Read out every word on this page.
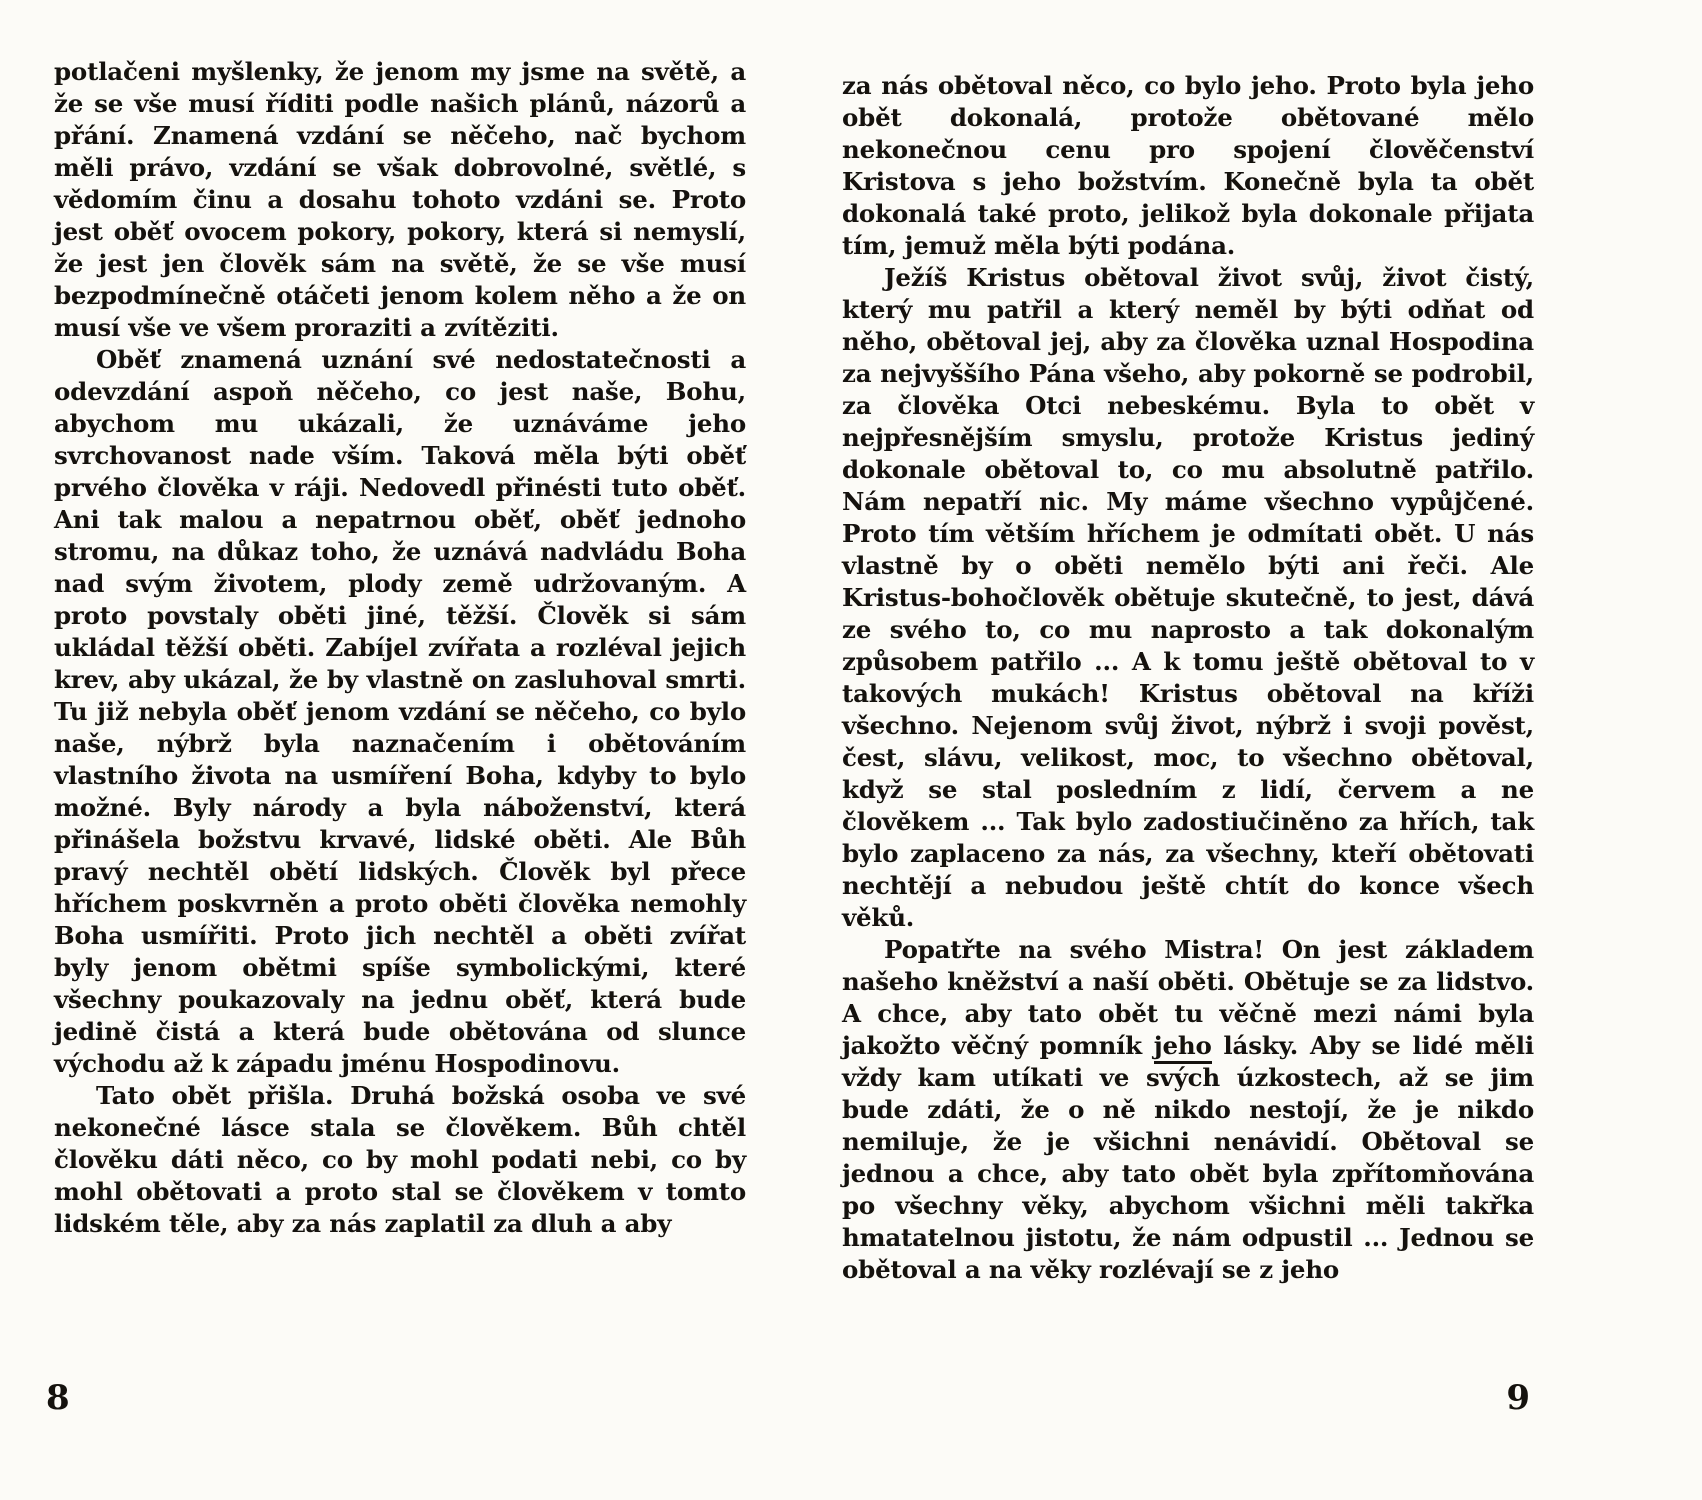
potlačeni myšlenky, že jenom my jsme na světě, a že se vše musí říditi podle našich plánů, názorů a přání. Znamená vzdání se něčeho, nač bychom měli právo, vzdání se však dobrovolné, světlé, s vědomím činu a dosahu tohoto vzdáni se. Proto jest oběť ovocem pokory, pokory, která si nemyslí, že jest jen člověk sám na světě, že se vše musí bezpodmínečně otáčeti jenom kolem něho a že on musí vše ve všem proraziti a zvítěziti.

Oběť znamená uznání své nedostatečnosti a odevzdání aspoň něčeho, co jest naše, Bohu, abychom mu ukázali, že uznáváme jeho svrchovanost nade vším. Taková měla býti oběť prvého člověka v ráji. Nedovedl přinésti tuto oběť. Ani tak malou a nepatrnou oběť, oběť jednoho stromu, na důkaz toho, že uznává nadvládu Boha nad svým životem, plody země udržovaným. A proto povstaly oběti jiné, těžší. Člověk si sám ukládal těžší oběti. Zabíjel zvířata a rozléval jejich krev, aby ukázal, že by vlastně on zasluhoval smrti. Tu již nebyla oběť jenom vzdání se něčeho, co bylo naše, nýbrž byla naznačením i obětováním vlastního života na usmíření Boha, kdyby to bylo možné. Byly národy a byla náboženství, která přinášela božstvu krvavé, lidské oběti. Ale Bůh pravý nechtěl obětí lidských. Člověk byl přece hříchem poskvrněn a proto oběti člověka nemohly Boha usmířiti. Proto jich nechtěl a oběti zvířat byly jenom obětmi spíše symbolickými, které všechny poukazovaly na jednu oběť, která bude jedině čistá a která bude obětována od slunce východu až k západu jménu Hospodinovu.

Tato obět přišla. Druhá božská osoba ve své nekonečné lásce stala se člověkem. Bůh chtěl člověku dáti něco, co by mohl podati nebi, co by mohl obětovati a proto stal se člověkem v tomto lidském těle, aby za nás zaplatil za dluh a aby

8

za nás obětoval něco, co bylo jeho. Proto byla jeho obět dokonalá, protože obětované mělo nekonečnou cenu pro spojení člověčenství Kristova s jeho božstvím. Konečně byla ta obět dokonalá také proto, jelikož byla dokonale přijata tím, jemuž měla býti podána.

Ježíš Kristus obětoval život svůj, život čistý, který mu patřil a který neměl by býti odňat od něho, obětoval jej, aby za člověka uznal Hospodina za nejvyššího Pána všeho, aby pokorně se podrobil, za člověka Otci nebeskému. Byla to obět v nejpřesnějším smyslu, protože Kristus jediný dokonale obětoval to, co mu absolutně patřilo. Nám nepatří nic. My máme všechno vypůjčené. Proto tím větším hříchem je odmítati obět. U nás vlastně by o oběti nemělo býti ani řeči. Ale Kristus-bohočlověk obětuje skutečně, to jest, dává ze svého to, co mu naprosto a tak dokonalým způsobem patřilo ... A k tomu ještě obětoval to v takových mukách! Kristus obětoval na kříži všechno. Nejenom svůj život, nýbrž i svoji pověst, čest, slávu, velikost, moc, to všechno obětoval, když se stal posledním z lidí, červem a ne člověkem ... Tak bylo zadostiučiněno za hřích, tak bylo zaplaceno za nás, za všechny, kteří obětovati nechtějí a nebudou ještě chtít do konce všech věků.

Popatřte na svého Mistra! On jest základem našeho kněžství a naší oběti. Obětuje se za lidstvo. A chce, aby tato obět tu věčně mezi námi byla jakožto věčný pomník jeho lásky. Aby se lidé měli vždy kam utíkati ve svých úzkostech, až se jim bude zdáti, že o ně nikdo nestojí, že je nikdo nemiluje, že je všichni nenávidí. Obětoval se jednou a chce, aby tato obět byla zpřítomňována po všechny věky, abychom všichni měli takřka hmatatelnou jistotu, že nám odpustil ... Jednou se obětoval a na věky rozlévají se z jeho

9
